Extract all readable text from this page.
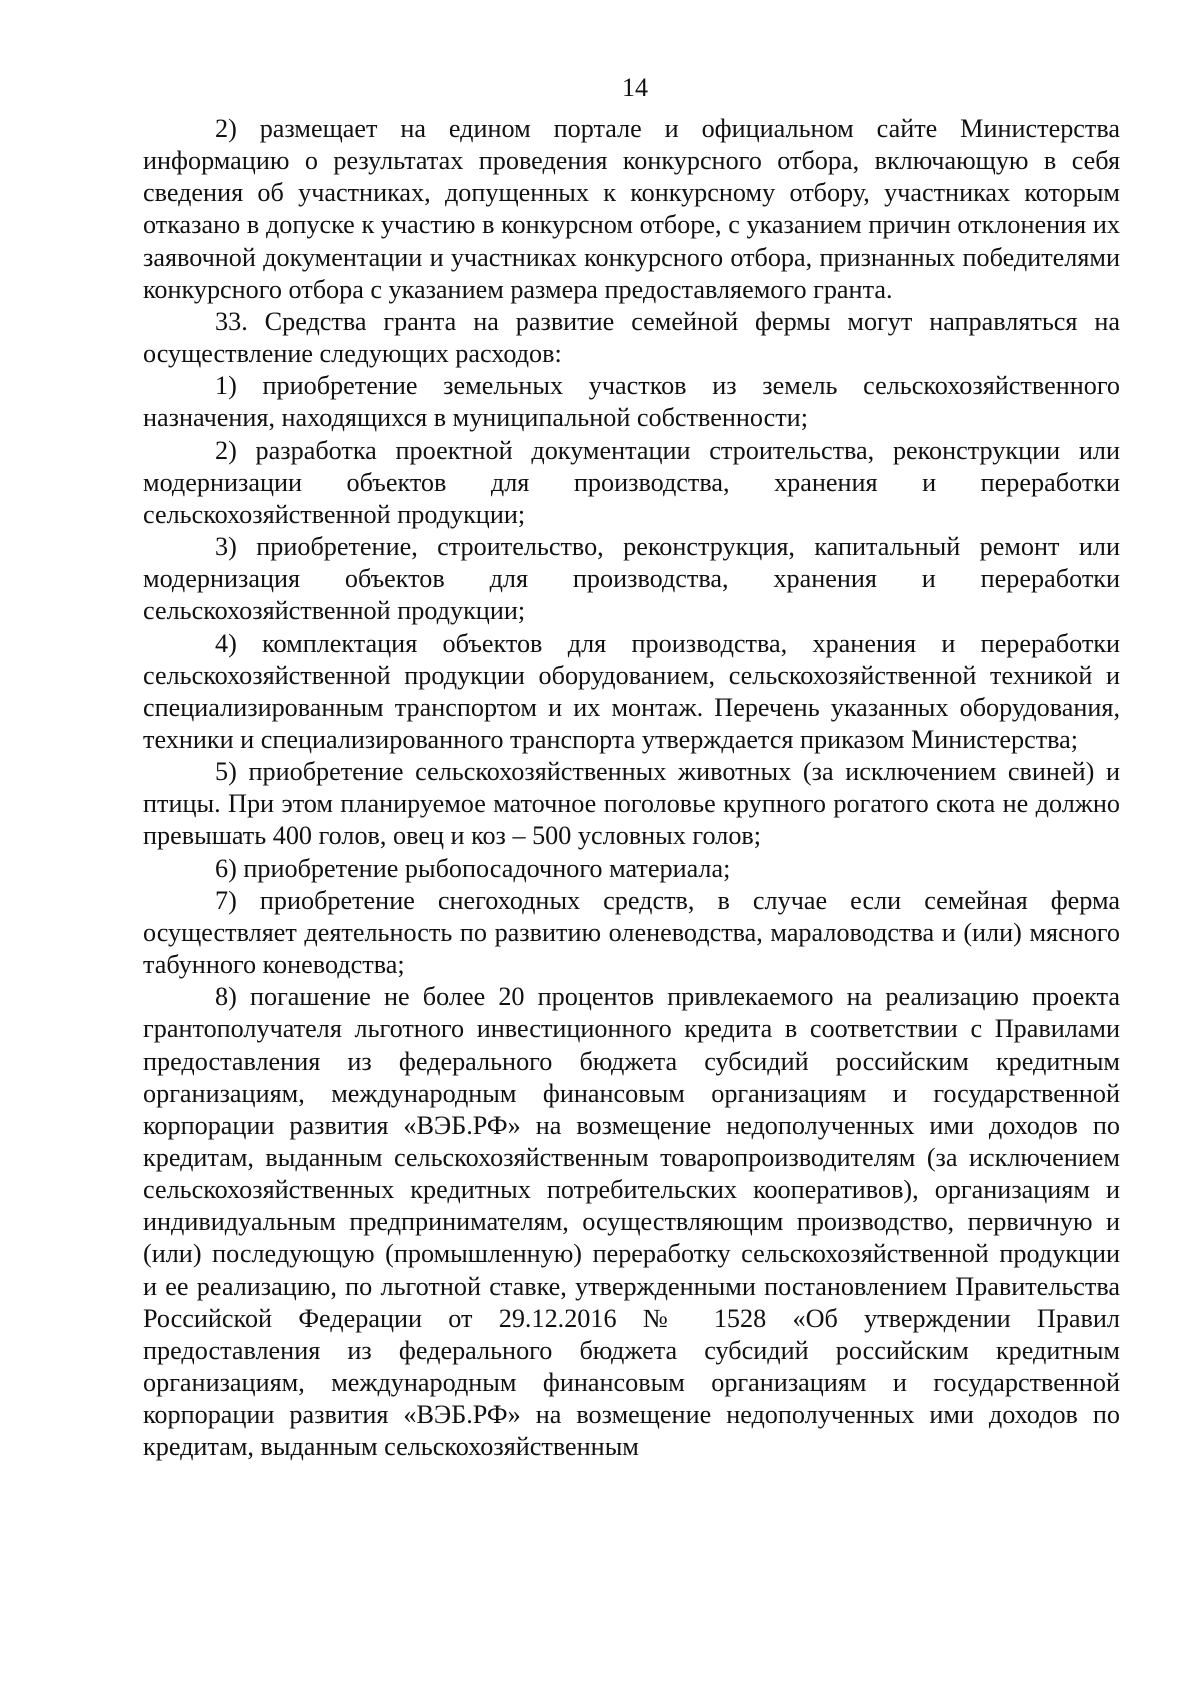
14

2) размещает на едином портале и официальном сайте Министерства информацию о результатах проведения конкурсного отбора, включающую в себя сведения об участниках, допущенных к конкурсному отбору, участниках которым отказано в допуске к участию в конкурсном отборе, с указанием причин отклонения их заявочной документации и участниках конкурсного отбора, признанных победителями конкурсного отбора с указанием размера предоставляемого гранта.

33. Средства гранта на развитие семейной фермы могут направляться на осуществление следующих расходов:

1) приобретение земельных участков из земель сельскохозяйственного назначения, находящихся в муниципальной собственности;

2) разработка проектной документации строительства, реконструкции или модернизации объектов для производства, хранения и переработки сельскохозяйственной продукции;

3) приобретение, строительство, реконструкция, капитальный ремонт или модернизация объектов для производства, хранения и переработки сельскохозяйственной продукции;

4) комплектация объектов для производства, хранения и переработки сельскохозяйственной продукции оборудованием, сельскохозяйственной техникой и специализированным транспортом и их монтаж. Перечень указанных оборудования, техники и специализированного транспорта утверждается приказом Министерства;

5) приобретение сельскохозяйственных животных (за исключением свиней) и птицы. При этом планируемое маточное поголовье крупного рогатого скота не должно превышать 400 голов, овец и коз – 500 условных голов;

6) приобретение рыбопосадочного материала;

7) приобретение снегоходных средств, в случае если семейная ферма осуществляет деятельность по развитию оленеводства, мараловодства и (или) мясного табунного коневодства;

8) погашение не более 20 процентов привлекаемого на реализацию проекта грантополучателя льготного инвестиционного кредита в соответствии с Правилами предоставления из федерального бюджета субсидий российским кредитным организациям, международным финансовым организациям и государственной корпорации развития «ВЭБ.РФ» на возмещение недополученных ими доходов по кредитам, выданным сельскохозяйственным товаропроизводителям (за исключением сельскохозяйственных кредитных потребительских кооперативов), организациям и индивидуальным предпринимателям, осуществляющим производство, первичную и (или) последующую (промышленную) переработку сельскохозяйственной продукции и ее реализацию, по льготной ставке, утвержденными постановлением Правительства Российской Федерации от 29.12.2016 № 1528 «Об утверждении Правил предоставления из федерального бюджета субсидий российским кредитным организациям, международным финансовым организациям и государственной корпорации развития «ВЭБ.РФ» на возмещение недополученных ими доходов по кредитам, выданным сельскохозяйственным
